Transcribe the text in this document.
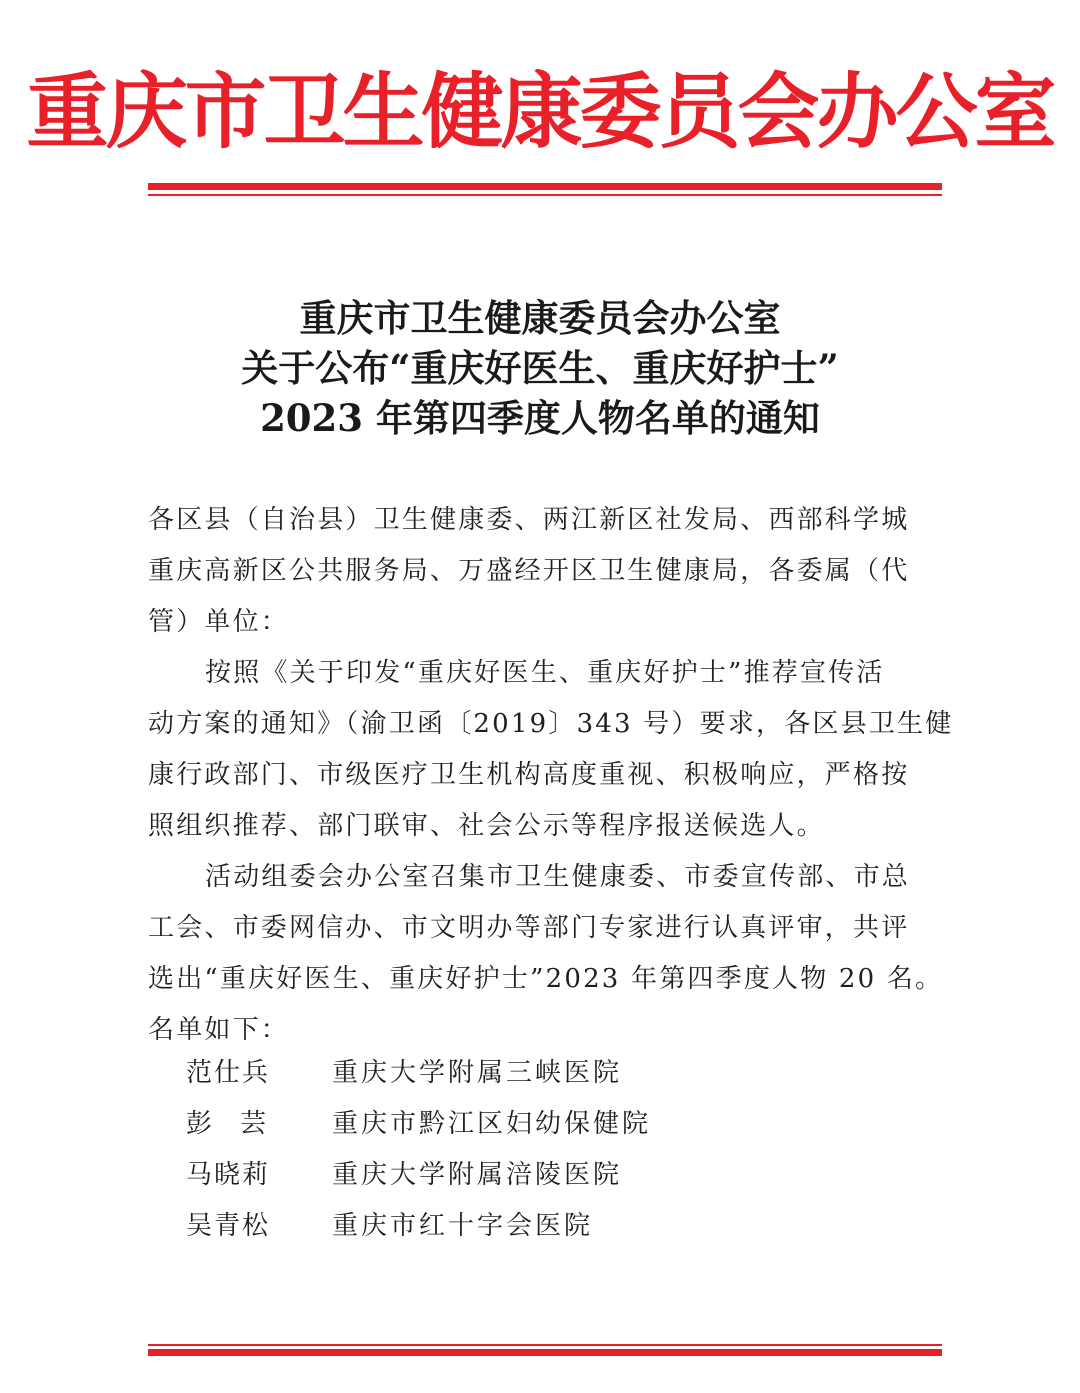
重庆市卫生健康委员会办公室
重庆市卫生健康委员会办公室
关于公布“重庆好医生、重庆好护士”
2023 年第四季度人物名单的通知

各区县（自治县）卫生健康委、两江新区社发局、西部科学城
重庆高新区公共服务局、万盛经开区卫生健康局，各委属（代
管）单位：

按照《关于印发“重庆好医生、重庆好护士”推荐宣传活
动方案的通知》（渝卫函〔2019〕343 号）要求，各区县卫生健
康行政部门、市级医疗卫生机构高度重视、积极响应，严格按
照组织推荐、部门联审、社会公示等程序报送候选人。

活动组委会办公室召集市卫生健康委、市委宣传部、市总
工会、市委网信办、市文明办等部门专家进行认真评审，共评
选出“重庆好医生、重庆好护士”2023 年第四季度人物 20 名。
名单如下：

范仕兵	重庆大学附属三峡医院
彭芸	重庆市黔江区妇幼保健院
马晓莉	重庆大学附属涪陵医院
吴青松	重庆市红十字会医院
